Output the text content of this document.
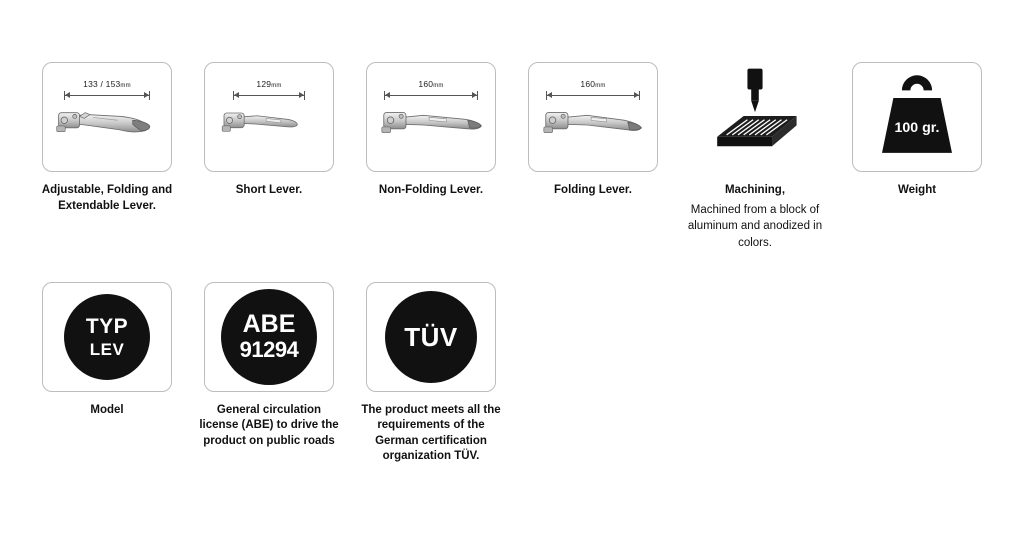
133 / 153mm
Adjustable, Folding and Extendable Lever.
129mm
Short Lever.
160mm
Non-Folding Lever.
160mm
Folding Lever.	Machining,
Machined from a block of aluminum and anodized in colors.
100 gr.
Weight
TYP
LEV
Model
ABE
91294
General circulation license (ABE) to drive the product on public roads
TÜV
The product meets all the requirements of the German certification organization TÜV.
